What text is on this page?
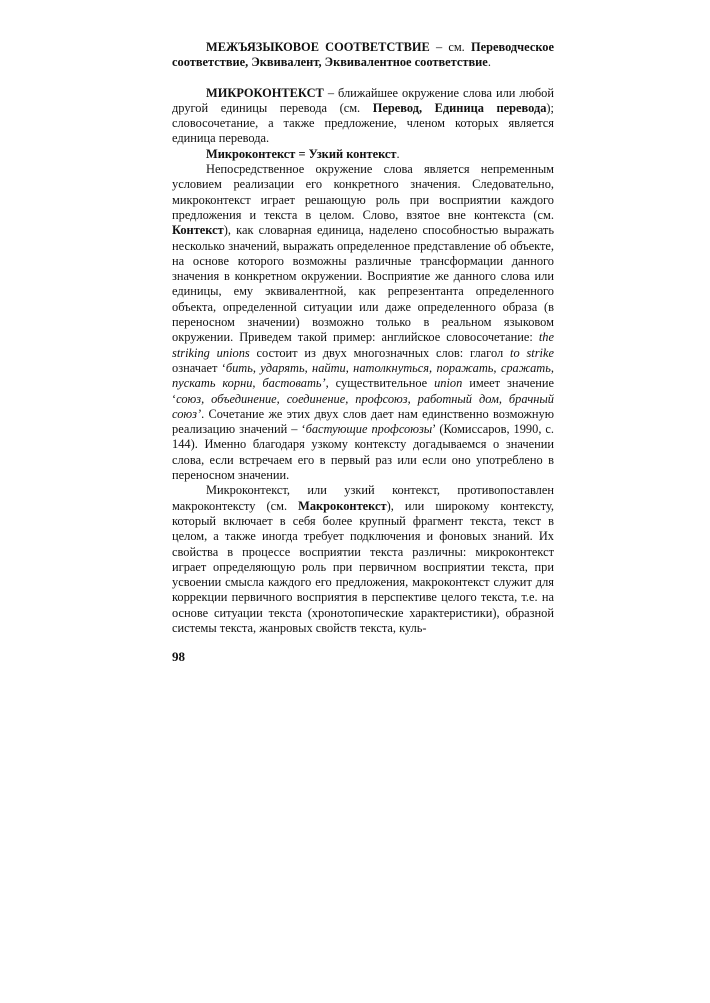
МЕЖЪЯЗЫКОВОЕ СООТВЕТСТВИЕ – см. Переводческое соответствие, Эквивалент, Эквивалентное соответствие.

МИКРОКОНТЕКСТ – ближайшее окружение слова или любой другой единицы перевода (см. Перевод, Единица перевода); словосочетание, а также предложение, членом которых является единица перевода.

Микроконтекст = Узкий контекст.

Непосредственное окружение слова является непременным условием реализации его конкретного значения. Следовательно, микроконтекст играет решающую роль при восприятии каждого предложения и текста в целом. Слово, взятое вне контекста (см. Контекст), как словарная единица, наделено способностью выражать несколько значений, выражать определенное представление об объекте, на основе которого возможны различные трансформации данного значения в конкретном окружении. Восприятие же данного слова или единицы, ему эквивалентной, как репрезентанта определенного объекта, определенной ситуации или даже определенного образа (в переносном значении) возможно только в реальном языковом окружении. Приведем такой пример: английское словосочетание: the striking unions состоит из двух многозначных слов: глагол to strike означает ‘бить, ударять, найти, натолкнуться, поражать, сражать, пускать корни, бастовать’, существительное union имеет значение ‘союз, объединение, соединение, профсоюз, работный дом, брачный союз’. Сочетание же этих двух слов дает нам единственно возможную реализацию значений – ‘бастующие профсоюзы’ (Комиссаров, 1990, с. 144). Именно благодаря узкому контексту догадываемся о значении слова, если встречаем его в первый раз или если оно употреблено в переносном значении.

Микроконтекст, или узкий контекст, противопоставлен макроконтексту (см. Макроконтекст), или широкому контексту, который включает в себя более крупный фрагмент текста, текст в целом, а также иногда требует подключения и фоновых знаний. Их свойства в процессе восприятии текста различны: микроконтекст играет определяющую роль при первичном восприятии текста, при усвоении смысла каждого его предложения, макроконтекст служит для коррекции первичного восприятия в перспективе целого текста, т.е. на основе ситуации текста (хронотопические характеристики), образной системы текста, жанровых свойств текста, куль-

98
